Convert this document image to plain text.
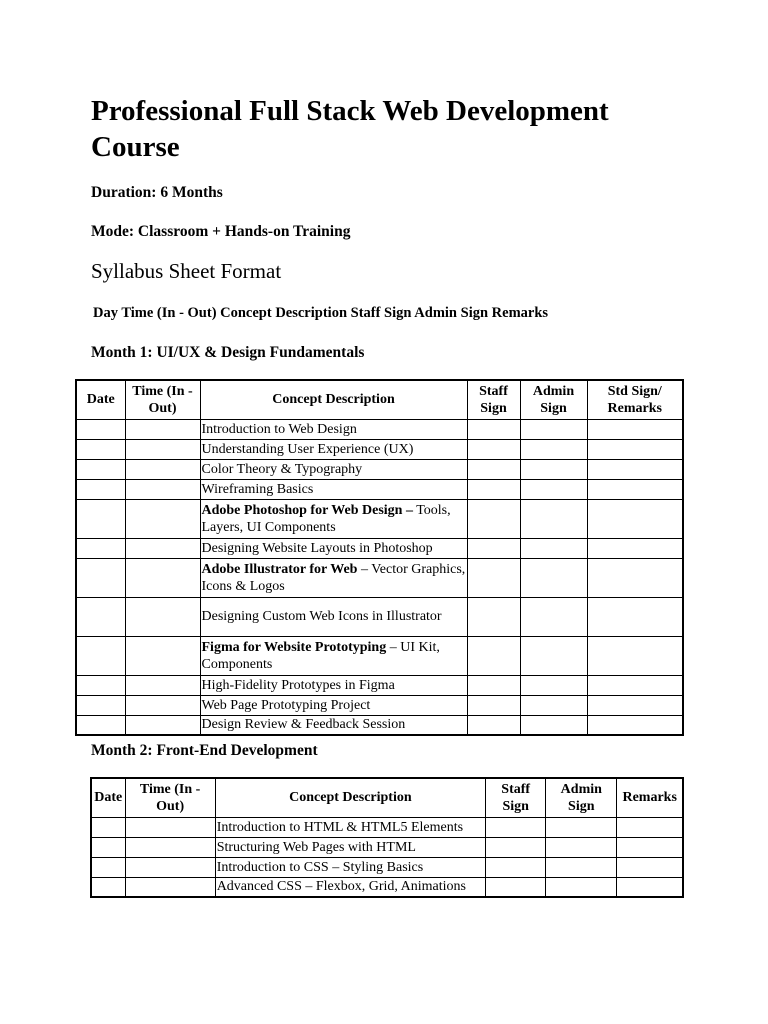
Professional Full Stack Web Development Course

Duration: 6 Months

Mode: Classroom + Hands-on Training

Syllabus Sheet Format

Day Time (In - Out) Concept Description Staff Sign Admin Sign Remarks

Month 1: UI/UX & Design Fundamentals

Date	Time (In - Out)	Concept Description	Staff Sign	Admin Sign	Std Sign/ Remarks
		Introduction to Web Design			
		Understanding User Experience (UX)			
		Color Theory & Typography			
		Wireframing Basics			
		Adobe Photoshop for Web Design – Tools, Layers, UI Components			
		Designing Website Layouts in Photoshop			
		Adobe Illustrator for Web – Vector Graphics, Icons & Logos			
		Designing Custom Web Icons in Illustrator			
		Figma for Website Prototyping – UI Kit, Components			
		High-Fidelity Prototypes in Figma			
		Web Page Prototyping Project			
		Design Review & Feedback Session			

Month 2: Front-End Development

Date	Time (In - Out)	Concept Description	Staff Sign	Admin Sign	Remarks
		Introduction to HTML & HTML5 Elements			
		Structuring Web Pages with HTML			
		Introduction to CSS – Styling Basics			
		Advanced CSS – Flexbox, Grid, Animations			
